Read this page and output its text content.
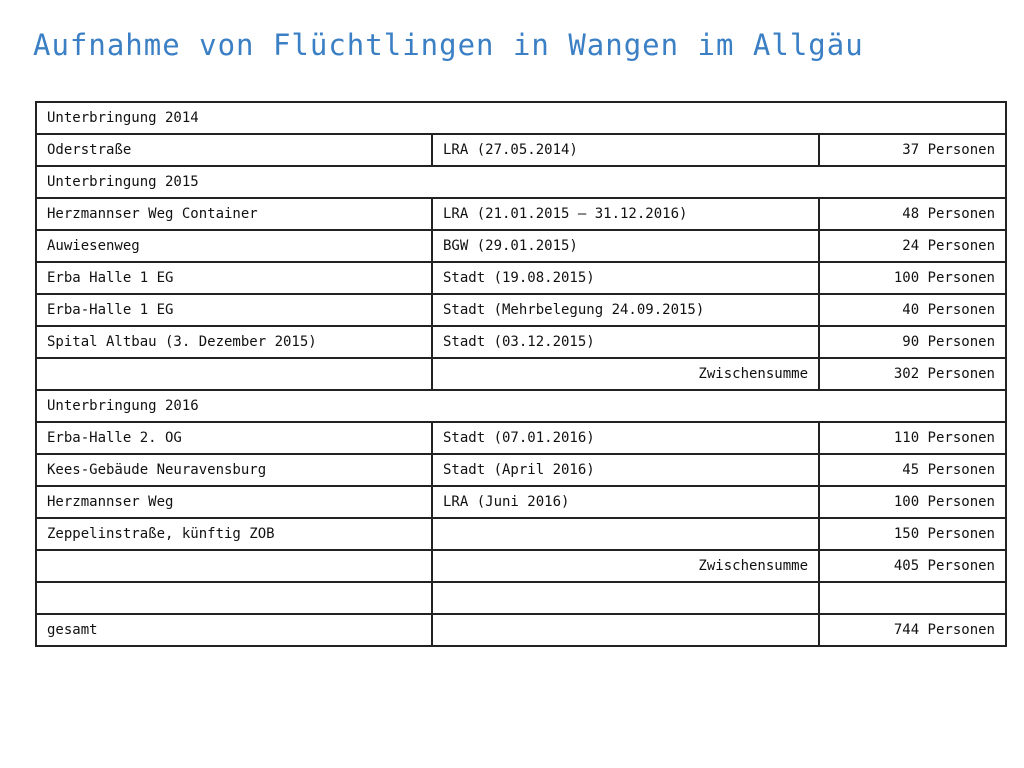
Aufnahme von Flüchtlingen in Wangen im Allgäu
Unterbringung 2014		
Oderstraße	LRA (27.05.2014)	37 Personen
Unterbringung 2015		
Herzmannser Weg Container	LRA (21.01.2015 – 31.12.2016)	48 Personen
Auwiesenweg	BGW (29.01.2015)	24 Personen
Erba Halle 1 EG	Stadt (19.08.2015)	100 Personen
Erba-Halle 1 EG	Stadt (Mehrbelegung 24.09.2015)	40 Personen
Spital Altbau (3. Dezember 2015)	Stadt (03.12.2015)	90 Personen
	Zwischensumme	302 Personen
Unterbringung 2016		
Erba-Halle 2. OG	Stadt (07.01.2016)	110 Personen
Kees-Gebäude Neuravensburg	Stadt (April 2016)	45 Personen
Herzmannser Weg	LRA (Juni 2016)	100 Personen
Zeppelinstraße, künftig ZOB		150 Personen
	Zwischensumme	405 Personen

gesamt		744 Personen
